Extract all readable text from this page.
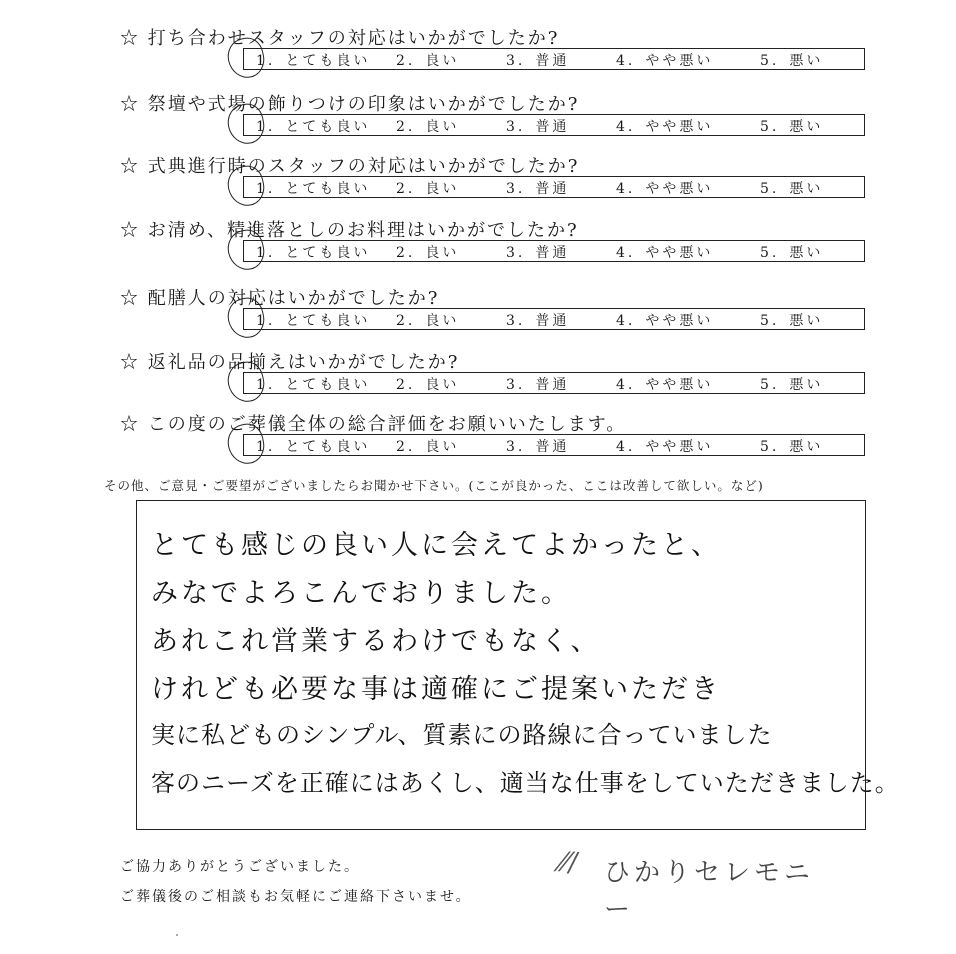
☆ 打ち合わせスタッフの対応はいかがでしたか?
1. とても良い 2. 良い	3. 普通	4. やや悪い	5. 悪い
☆ 祭壇や式場の飾りつけの印象はいかがでしたか?
1. とても良い 2. 良い	3. 普通	4. やや悪い	5. 悪い
☆ 式典進行時のスタッフの対応はいかがでしたか?
1. とても良い 2. 良い	3. 普通	4. やや悪い	5. 悪い
☆ お清め、精進落としのお料理はいかがでしたか?
1. とても良い 2. 良い	3. 普通	4. やや悪い	5. 悪い
☆ 配膳人の対応はいかがでしたか?
1. とても良い 2. 良い	3. 普通	4. やや悪い	5. 悪い
☆ 返礼品の品揃えはいかがでしたか?
1. とても良い 2. 良い	3. 普通	4. やや悪い	5. 悪い
☆ この度のご葬儀全体の総合評価をお願いいたします。
1. とても良い 2. 良い	3. 普通	4. やや悪い	5. 悪い
その他、ご意見・ご要望がございましたらお聞かせ下さい。(ここが良かった、ここは改善して欲しい。など)
とても感じの良い人に会えてよかったと、
みなでよろこんでおりました。
あれこれ営業するわけでもなく、
けれども必要な事は適確にご提案いただき
実に私どものシンプル、質素にの路線に合っていました
客のニーズを正確にはあくし、適当な仕事をしていただきました。
ご協力ありがとうございました。
ご葬儀後のご相談もお気軽にご連絡下さいませ。
⁄⁄/ ひかりセレモニー
